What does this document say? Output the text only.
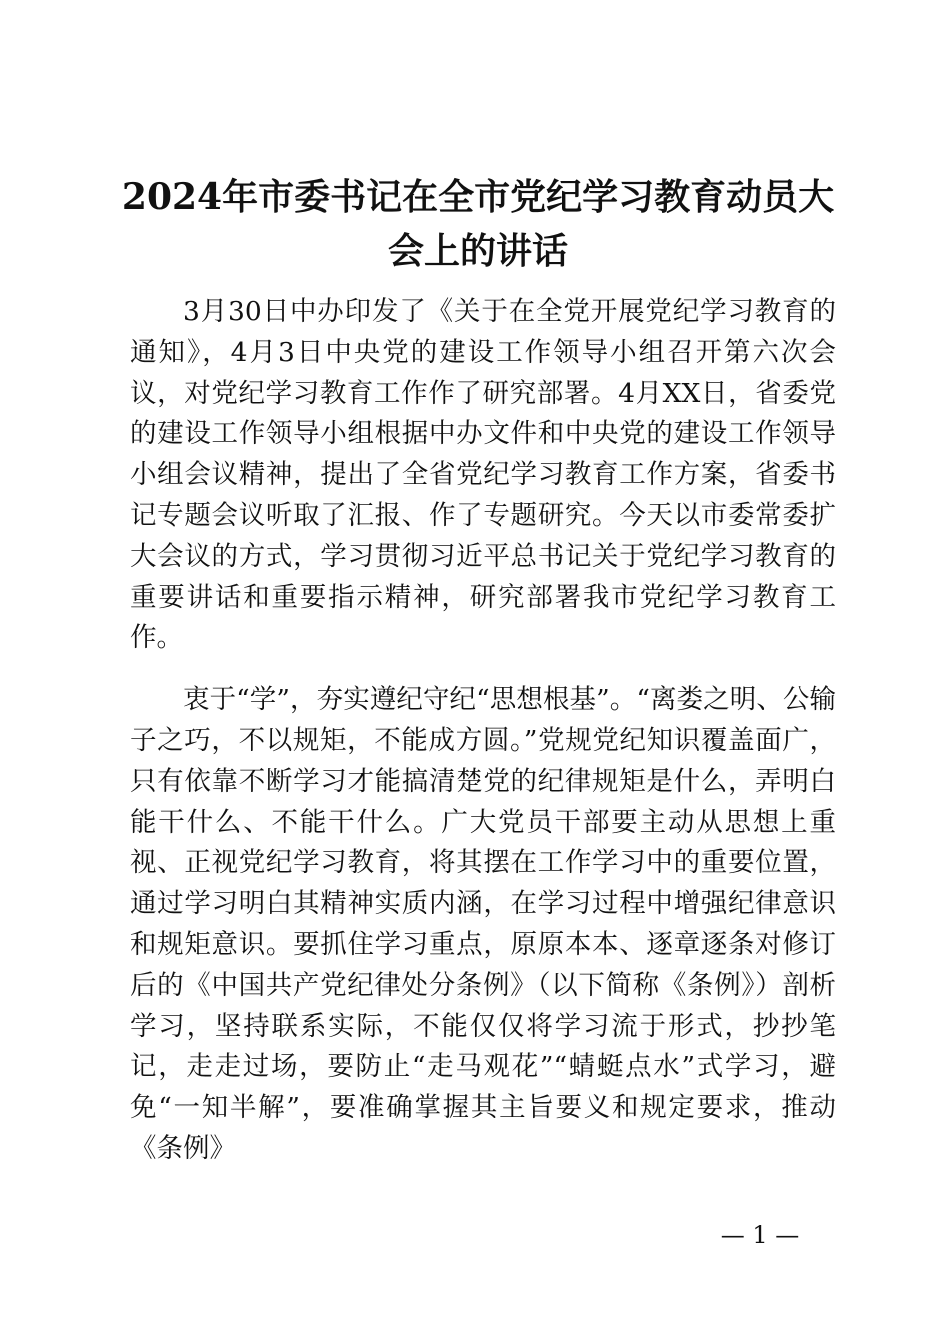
2024年市委书记在全市党纪学习教育动员大会上的讲话

3月30日中办印发了《关于在全党开展党纪学习教育的通知》，4月3日中央党的建设工作领导小组召开第六次会议，对党纪学习教育工作作了研究部署。4月XX日，省委党的建设工作领导小组根据中办文件和中央党的建设工作领导小组会议精神，提出了全省党纪学习教育工作方案，省委书记专题会议听取了汇报、作了专题研究。今天以市委常委扩大会议的方式，学习贯彻习近平总书记关于党纪学习教育的重要讲话和重要指示精神，研究部署我市党纪学习教育工作。

衷于“学”，夯实遵纪守纪“思想根基”。“离娄之明、公输子之巧，不以规矩，不能成方圆。”党规党纪知识覆盖面广，只有依靠不断学习才能搞清楚党的纪律规矩是什么，弄明白能干什么、不能干什么。广大党员干部要主动从思想上重视、正视党纪学习教育，将其摆在工作学习中的重要位置，通过学习明白其精神实质内涵，在学习过程中增强纪律意识和规矩意识。要抓住学习重点，原原本本、逐章逐条对修订后的《中国共产党纪律处分条例》（以下简称《条例》）剖析学习，坚持联系实际，不能仅仅将学习流于形式，抄抄笔记，走走过场，要防止“走马观花”“蜻蜓点水”式学习，避免“一知半解”，要准确掌握其主旨要义和规定要求，推动《条例》

— 1 —
